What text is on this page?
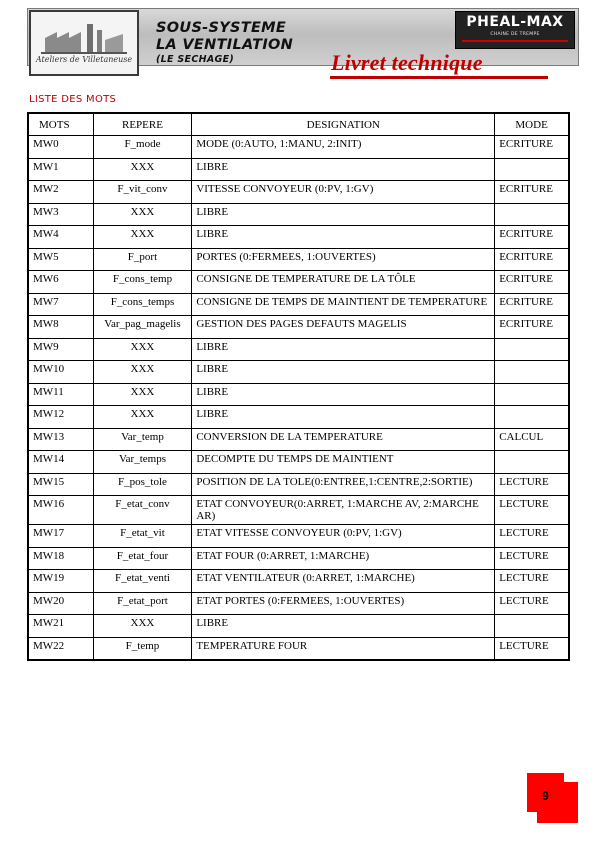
Ateliers de Villetaneuse
SOUS-SYSTEME
LA VENTILATION
(LE SECHAGE)
PHEAL-MAX
CHAINE DE TREMPE
Livret technique
LISTE DES MOTS
MOTS	REPERE	DESIGNATION	MODE
MW0	F_mode	MODE (0:AUTO, 1:MANU, 2:INIT)	ECRITURE
MW1	XXX	LIBRE	
MW2	F_vit_conv	VITESSE CONVOYEUR (0:PV, 1:GV)	ECRITURE
MW3	XXX	LIBRE	
MW4	XXX	LIBRE	ECRITURE
MW5	F_port	PORTES (0:FERMEES, 1:OUVERTES)	ECRITURE
MW6	F_cons_temp	CONSIGNE DE TEMPERATURE DE LA TÔLE	ECRITURE
MW7	F_cons_temps	CONSIGNE DE TEMPS DE MAINTIENT DE TEMPERATURE	ECRITURE
MW8	Var_pag_magelis	GESTION DES PAGES DEFAUTS MAGELIS	ECRITURE
MW9	XXX	LIBRE	
MW10	XXX	LIBRE	
MW11	XXX	LIBRE	
MW12	XXX	LIBRE	
MW13	Var_temp	CONVERSION DE LA TEMPERATURE	CALCUL
MW14	Var_temps	DECOMPTE DU TEMPS DE MAINTIENT	
MW15	F_pos_tole	POSITION DE LA TOLE(0:ENTREE,1:CENTRE,2:SORTIE)	LECTURE
MW16	F_etat_conv	ETAT CONVOYEUR(0:ARRET, 1:MARCHE AV, 2:MARCHE AR)	LECTURE
MW17	F_etat_vit	ETAT VITESSE CONVOYEUR (0:PV, 1:GV)	LECTURE
MW18	F_etat_four	ETAT FOUR (0:ARRET, 1:MARCHE)	LECTURE
MW19	F_etat_venti	ETAT VENTILATEUR (0:ARRET, 1:MARCHE)	LECTURE
MW20	F_etat_port	ETAT PORTES (0:FERMEES, 1:OUVERTES)	LECTURE
MW21	XXX	LIBRE	
MW22	F_temp	TEMPERATURE FOUR	LECTURE
9
